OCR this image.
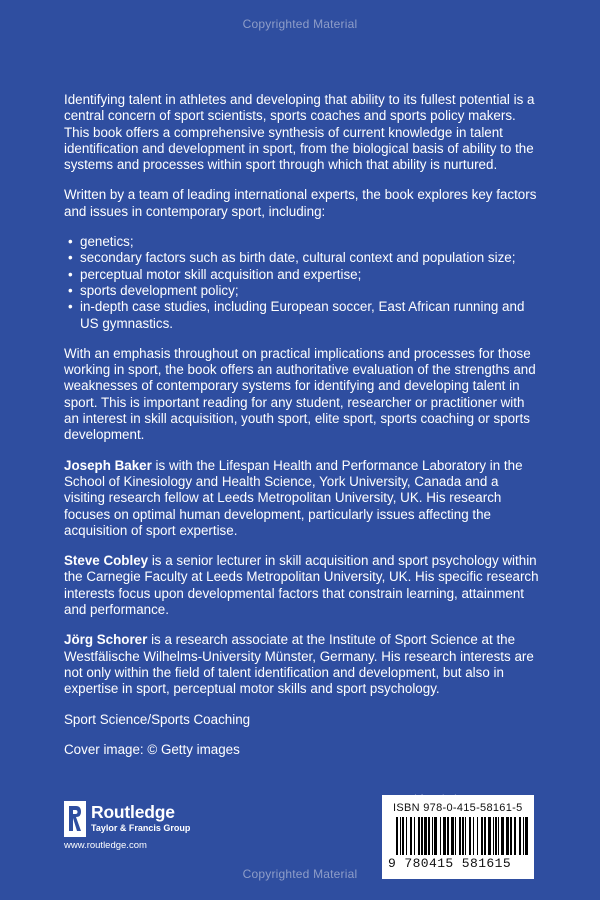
Copyrighted Material

Identifying talent in athletes and developing that ability to its fullest potential is a central concern of sport scientists, sports coaches and sports policy makers. This book offers a comprehensive synthesis of current knowledge in talent identification and development in sport, from the biological basis of ability to the systems and processes within sport through which that ability is nurtured.

Written by a team of leading international experts, the book explores key factors and issues in contemporary sport, including:

• genetics;
• secondary factors such as birth date, cultural context and population size;
• perceptual motor skill acquisition and expertise;
• sports development policy;
• in-depth case studies, including European soccer, East African running and US gymnastics.

With an emphasis throughout on practical implications and processes for those working in sport, the book offers an authoritative evaluation of the strengths and weaknesses of contemporary systems for identifying and developing talent in sport. This is important reading for any student, researcher or practitioner with an interest in skill acquisition, youth sport, elite sport, sports coaching or sports development.

Joseph Baker is with the Lifespan Health and Performance Laboratory in the School of Kinesiology and Health Science, York University, Canada and a visiting research fellow at Leeds Metropolitan University, UK. His research focuses on optimal human development, particularly issues affecting the acquisition of sport expertise.

Steve Cobley is a senior lecturer in skill acquisition and sport psychology within the Carnegie Faculty at Leeds Metropolitan University, UK. His specific research interests focus upon developmental factors that constrain learning, attainment and performance.

Jörg Schorer is a research associate at the Institute of Sport Science at the Westfälische Wilhelms-University Münster, Germany. His research interests are not only within the field of talent identification and development, but also in expertise in sport, perceptual motor skills and sport psychology.

Sport Science/Sports Coaching

Cover image: © Getty images

Routledge
Taylor & Francis Group
www.routledge.com
ISBN 978-0-415-58161-5
9 780415 581615
Copyrighted Material
